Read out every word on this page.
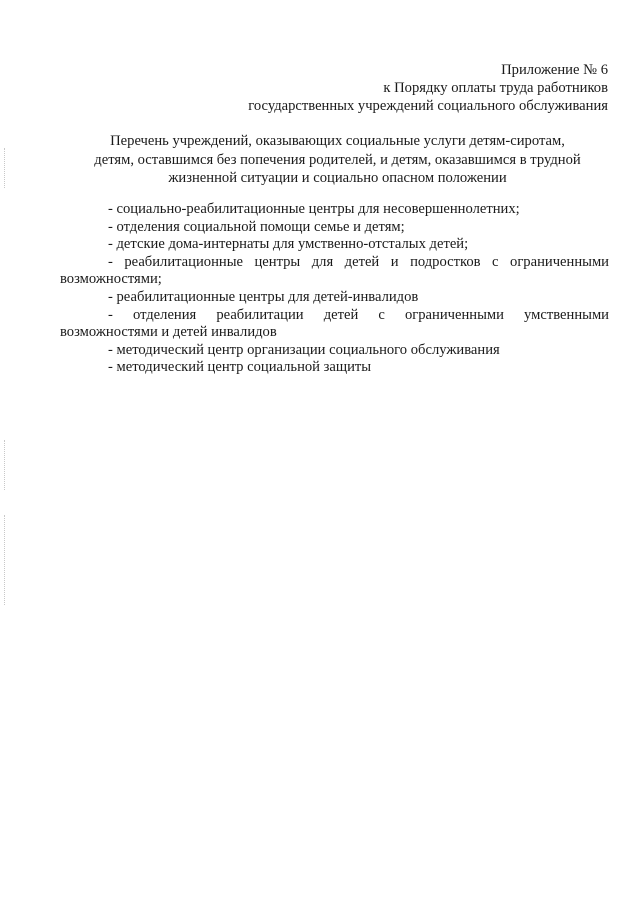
Приложение № 6
к Порядку оплаты труда работников
государственных учреждений социального обслуживания
Перечень учреждений, оказывающих социальные услуги детям-сиротам,
детям, оставшимся без попечения родителей, и детям, оказавшимся в трудной
жизненной ситуации и социально опасном положении
- социально-реабилитационные центры для несовершеннолетних;
- отделения социальной помощи семье и детям;
- детские дома-интернаты для умственно-отсталых детей;
- реабилитационные центры для детей и подростков с ограниченными возможностями;
- реабилитационные центры для детей-инвалидов
- отделения реабилитации детей с ограниченными умственными возможностями и детей инвалидов
- методический центр организации социального обслуживания
- методический центр социальной защиты
